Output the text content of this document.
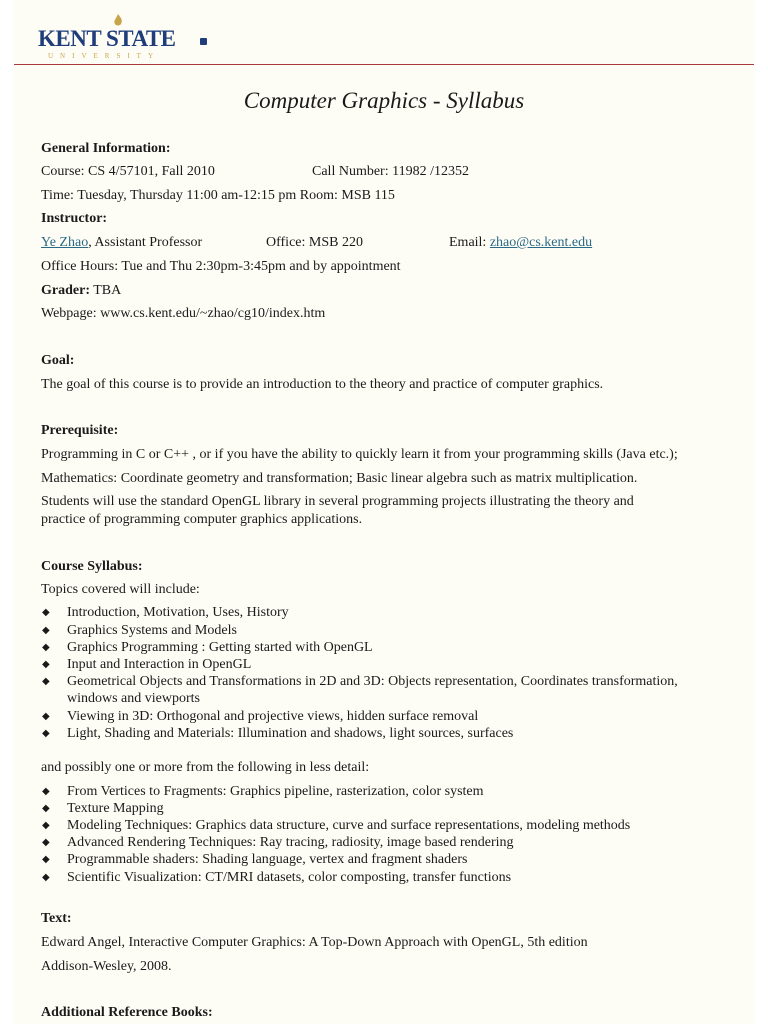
KENT STATE
UNIVERSITY
Computer Graphics - Syllabus
General Information:
Course: CS 4/57101, Fall 2010	Call Number: 11982 /12352
Time: Tuesday, Thursday 11:00 am-12:15 pm Room: MSB 115
Instructor:
Ye Zhao, Assistant Professor	Office: MSB 220	Email: zhao@cs.kent.edu
Office Hours: Tue and Thu 2:30pm-3:45pm and by appointment
Grader: TBA
Webpage: www.cs.kent.edu/~zhao/cg10/index.htm
Goal:
The goal of this course is to provide an introduction to the theory and practice of computer graphics.
Prerequisite:
Programming in C or C++ , or if you have the ability to quickly learn it from your programming skills (Java etc.);
Mathematics: Coordinate geometry and transformation; Basic linear algebra such as matrix multiplication.
Students will use the standard OpenGL library in several programming projects illustrating the theory and
practice of programming computer graphics applications.
Course Syllabus:
Topics covered will include:
◆ Introduction, Motivation, Uses, History
◆ Graphics Systems and Models
◆ Graphics Programming : Getting started with OpenGL
◆ Input and Interaction in OpenGL
◆ Geometrical Objects and Transformations in 2D and 3D: Objects representation, Coordinates transformation,
windows and viewports
◆ Viewing in 3D: Orthogonal and projective views, hidden surface removal
◆ Light, Shading and Materials: Illumination and shadows, light sources, surfaces
and possibly one or more from the following in less detail:
◆ From Vertices to Fragments: Graphics pipeline, rasterization, color system
◆ Texture Mapping
◆ Modeling Techniques: Graphics data structure, curve and surface representations, modeling methods
◆ Advanced Rendering Techniques: Ray tracing, radiosity, image based rendering
◆ Programmable shaders: Shading language, vertex and fragment shaders
◆ Scientific Visualization: CT/MRI datasets, color composting, transfer functions
Text:
Edward Angel, Interactive Computer Graphics: A Top-Down Approach with OpenGL, 5th edition
Addison-Wesley, 2008.
Additional Reference Books:
